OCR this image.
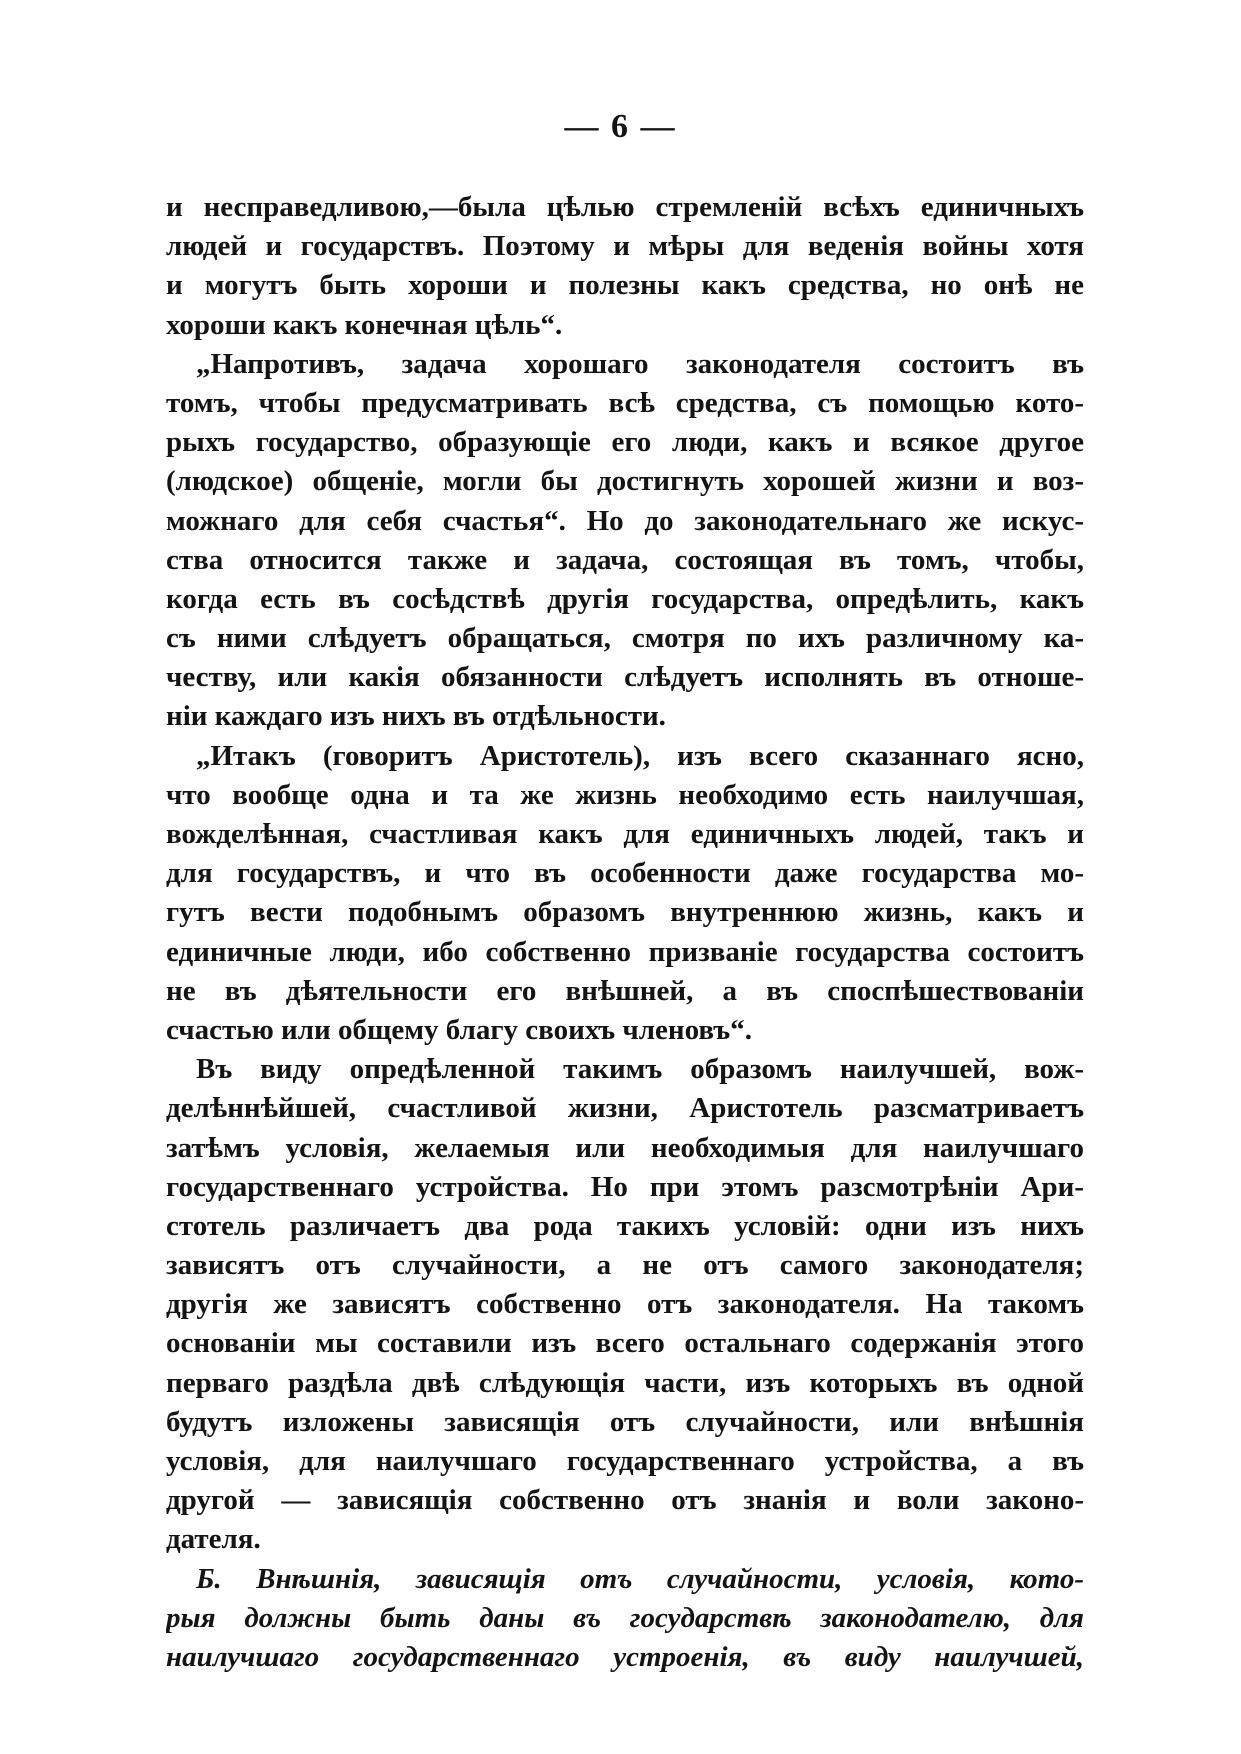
— 6 —
и несправедливою,—была цѣлью стремленій всѣхъ единичныхъ
людей и государствъ. Поэтому и мѣры для веденія войны хотя
и могутъ быть хороши и полезны какъ средства, но онѣ не
хороши какъ конечная цѣль“.
„Напротивъ, задача хорошаго законодателя состоитъ въ
томъ, чтобы предусматривать всѣ средства, съ помощью кото-
рыхъ государство, образующіе его люди, какъ и всякое другое
(людское) общеніе, могли бы достигнуть хорошей жизни и воз-
можнаго для себя счастья“. Но до законодательнаго же искус-
ства относится также и задача, состоящая въ томъ, чтобы,
когда есть въ сосѣдствѣ другія государства, опредѣлить, какъ
съ ними слѣдуетъ обращаться, смотря по ихъ различному ка-
честву, или какія обязанности слѣдуетъ исполнять въ отноше-
ніи каждаго изъ нихъ въ отдѣльности.
„Итакъ (говоритъ Аристотель), изъ всего сказаннаго ясно,
что вообще одна и та же жизнь необходимо есть наилучшая,
вожделѣнная, счастливая какъ для единичныхъ людей, такъ и
для государствъ, и что въ особенности даже государства мо-
гутъ вести подобнымъ образомъ внутреннюю жизнь, какъ и
единичные люди, ибо собственно призваніе государства состоитъ
не въ дѣятельности его внѣшней, а въ споспѣшествованіи
счастью или общему благу своихъ членовъ“.
Въ виду опредѣленной такимъ образомъ наилучшей, вож-
делѣннѣйшей, счастливой жизни, Аристотель разсматриваетъ
затѣмъ условія, желаемыя или необходимыя для наилучшаго
государственнаго устройства. Но при этомъ разсмотрѣніи Ари-
стотель различаетъ два рода такихъ условій: одни изъ нихъ
зависятъ отъ случайности, а не отъ самого законодателя;
другія же зависятъ собственно отъ законодателя. На такомъ
основаніи мы составили изъ всего остальнаго содержанія этого
перваго раздѣла двѣ слѣдующія части, изъ которыхъ въ одной
будутъ изложены зависящія отъ случайности, или внѣшнія
условія, для наилучшаго государственнаго устройства, а въ
другой — зависящія собственно отъ знанія и воли законо-
дателя.
Б. Внѣшнія, зависящія отъ случайности, условія, кото-
рыя должны быть даны въ государствѣ законодателю, для
наилучшаго государственнаго устроенія, въ виду наилучшей,
